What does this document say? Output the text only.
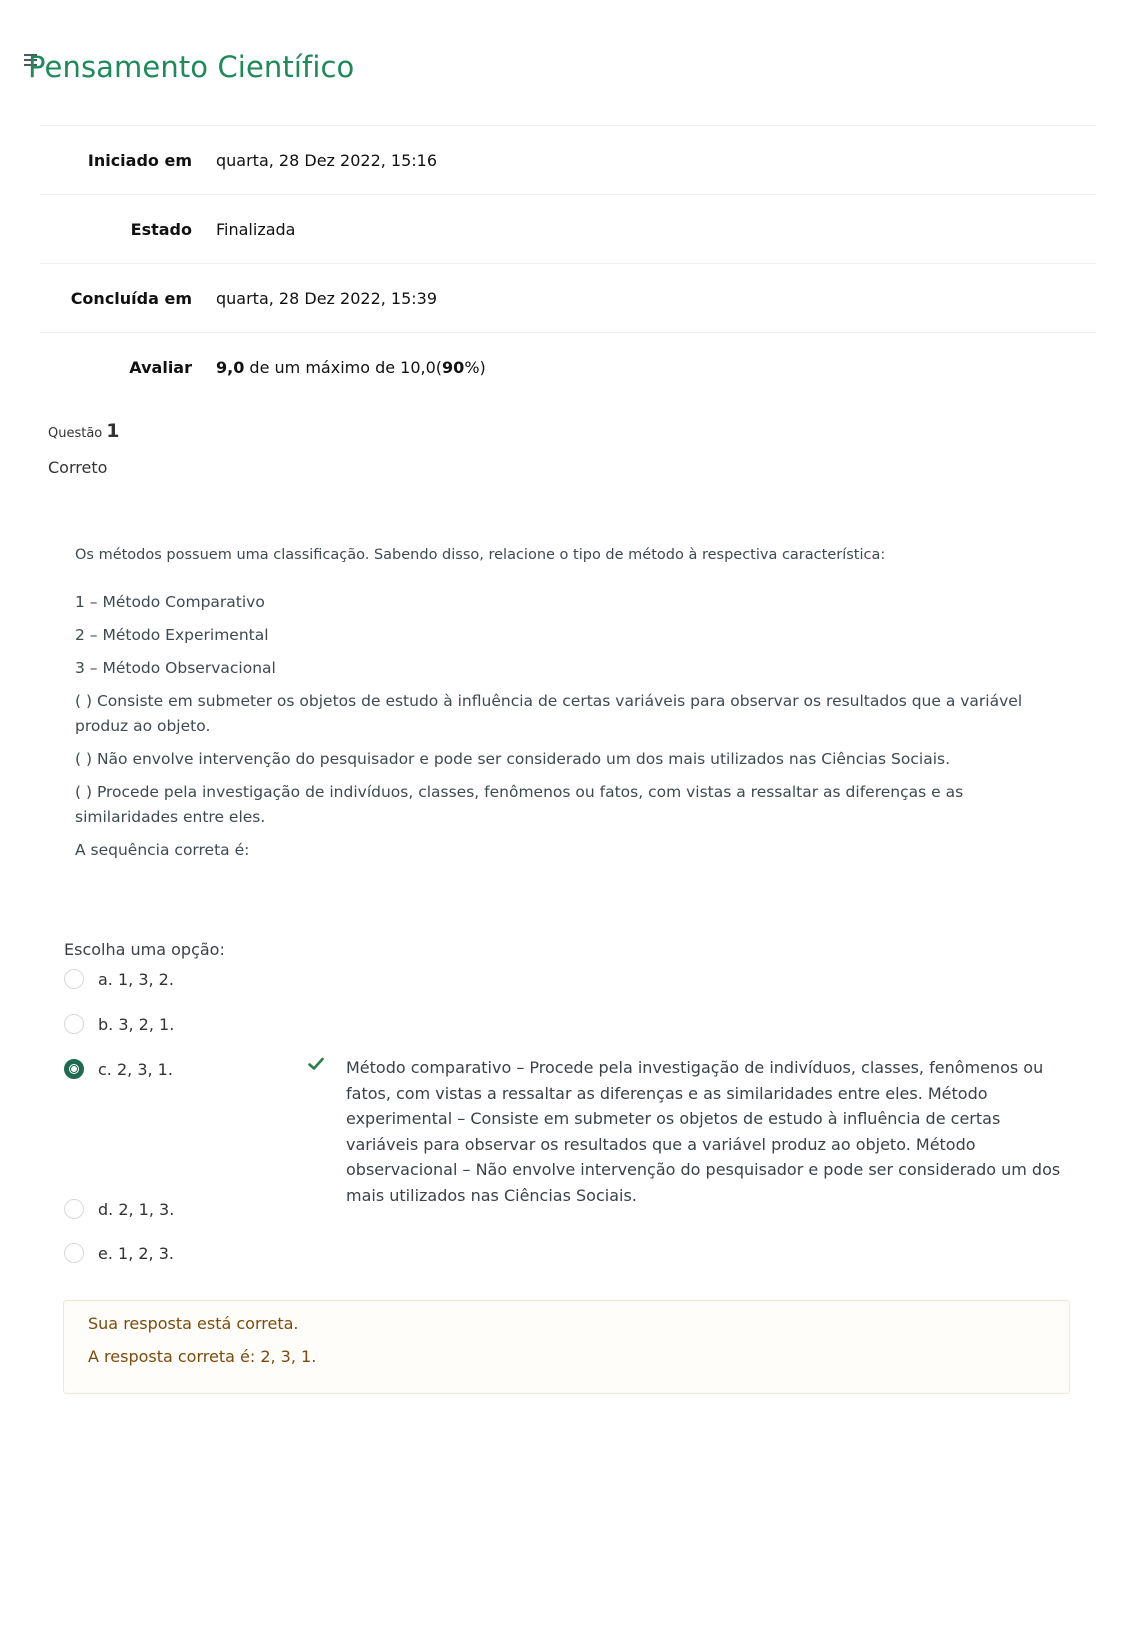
Pensamento Científico
Iniciado em	quarta, 28 Dez 2022, 15:16
Estado	Finalizada
Concluída em	quarta, 28 Dez 2022, 15:39
Avaliar	9,0 de um máximo de 10,0(90%)
Questão 1
Correto

Os métodos possuem uma classificação. Sabendo disso, relacione o tipo de método à respectiva característica:

1 – Método Comparativo

2 – Método Experimental

3 – Método Observacional

( ) Consiste em submeter os objetos de estudo à influência de certas variáveis para observar os resultados que a variável produz ao objeto.

( ) Não envolve intervenção do pesquisador e pode ser considerado um dos mais utilizados nas Ciências Sociais.

( ) Procede pela investigação de indivíduos, classes, fenômenos ou fatos, com vistas a ressaltar as diferenças e as similaridades entre eles.

A sequência correta é:

Escolha uma opção:
a. 1, 3, 2.
b. 3, 2, 1.
c. 2, 3, 1.
d. 2, 1, 3.
e. 1, 2, 3.
Método comparativo – Procede pela investigação de indivíduos, classes, fenômenos ou fatos, com vistas a ressaltar as diferenças e as similaridades entre eles. Método experimental – Consiste em submeter os objetos de estudo à influência de certas variáveis para observar os resultados que a variável produz ao objeto. Método observacional – Não envolve intervenção do pesquisador e pode ser considerado um dos mais utilizados nas Ciências Sociais.

Sua resposta está correta.

A resposta correta é: 2, 3, 1.
